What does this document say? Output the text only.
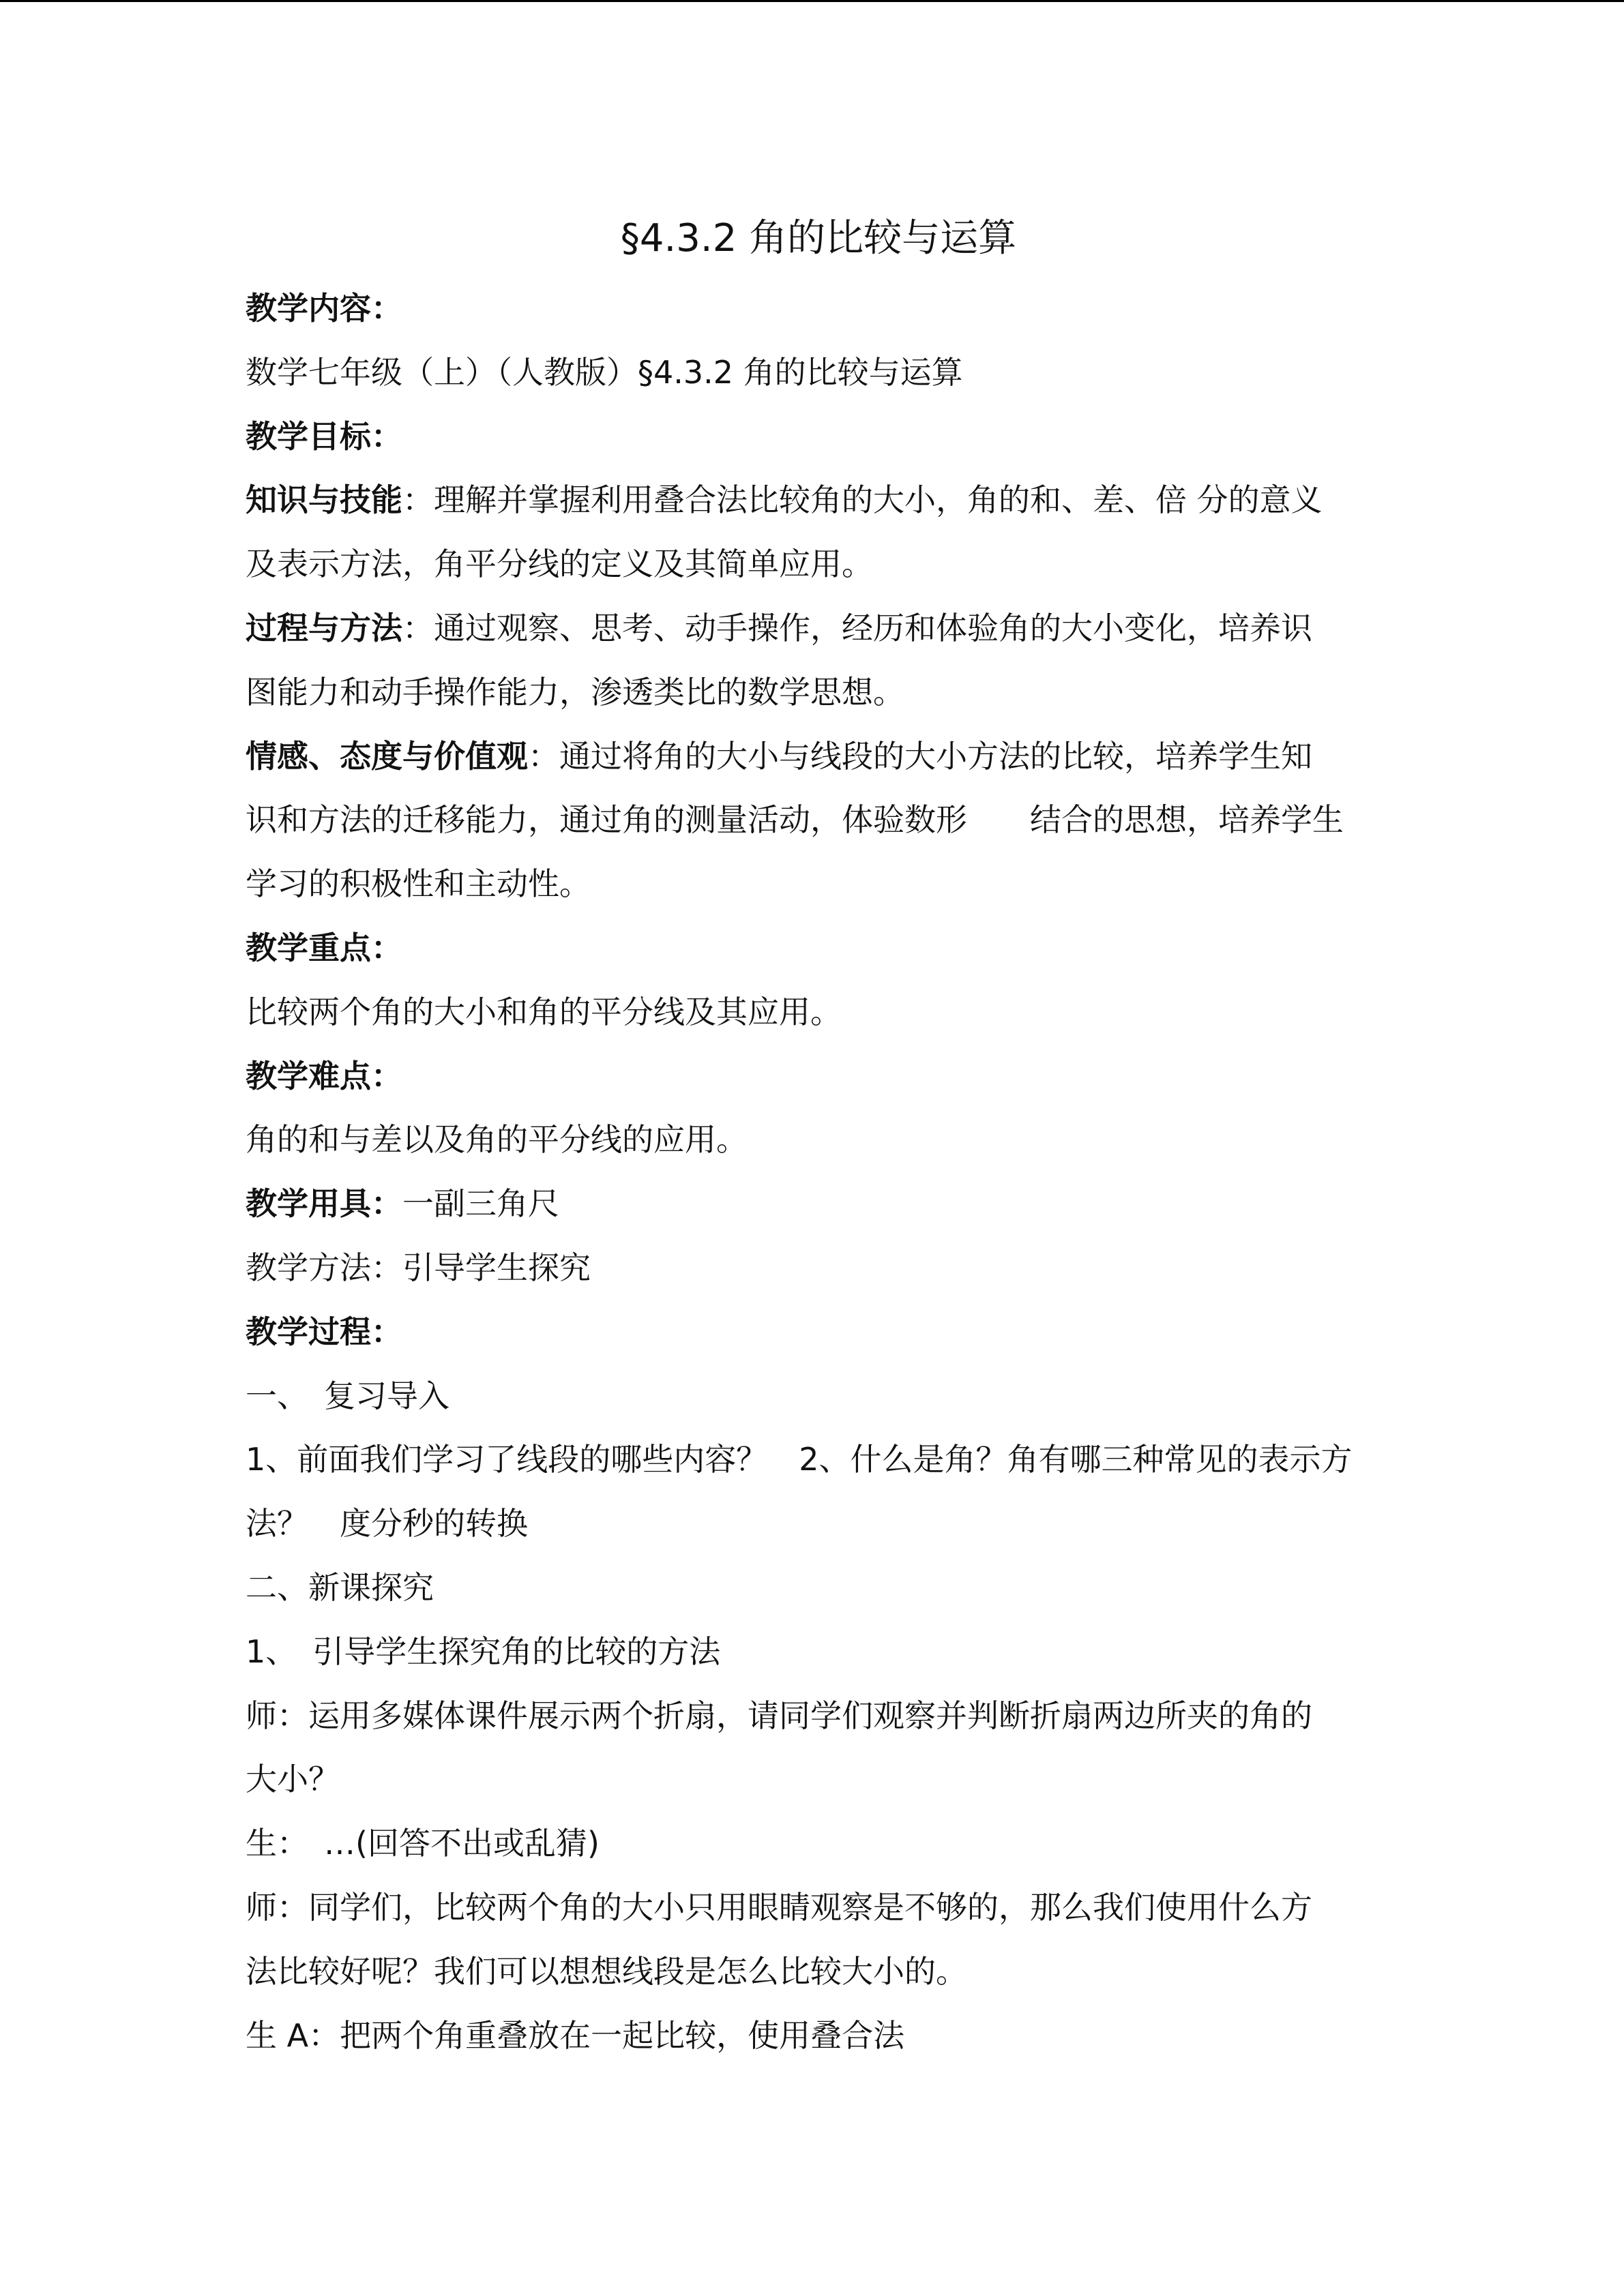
§4.3.2 角的比较与运算

教学内容：

数学七年级（上）（人教版）§4.3.2 角的比较与运算

教学目标：

知识与技能：理解并掌握利用叠合法比较角的大小，角的和、差、倍 分的意义

及表示方法，角平分线的定义及其简单应用。

过程与方法：通过观察、思考、动手操作，经历和体验角的大小变化，培养识

图能力和动手操作能力，渗透类比的数学思想。

情感、态度与价值观：通过将角的大小与线段的大小方法的比较，培养学生知

识和方法的迁移能力，通过角的测量活动，体验数形　　结合的思想，培养学生

学习的积极性和主动性。

教学重点：

比较两个角的大小和角的平分线及其应用。

教学难点：

角的和与差以及角的平分线的应用。

教学用具：一副三角尺

教学方法：引导学生探究

教学过程：

一、　复习导入

1、前面我们学习了线段的哪些内容？　2、什么是角？角有哪三种常见的表示方

法？　度分秒的转换

二、新课探究

1、　引导学生探究角的比较的方法

师：运用多媒体课件展示两个折扇，请同学们观察并判断折扇两边所夹的角的

大小？

生：　…(回答不出或乱猜)

师：同学们，比较两个角的大小只用眼睛观察是不够的，那么我们使用什么方

法比较好呢？我们可以想想线段是怎么比较大小的。

生 A：把两个角重叠放在一起比较，使用叠合法
